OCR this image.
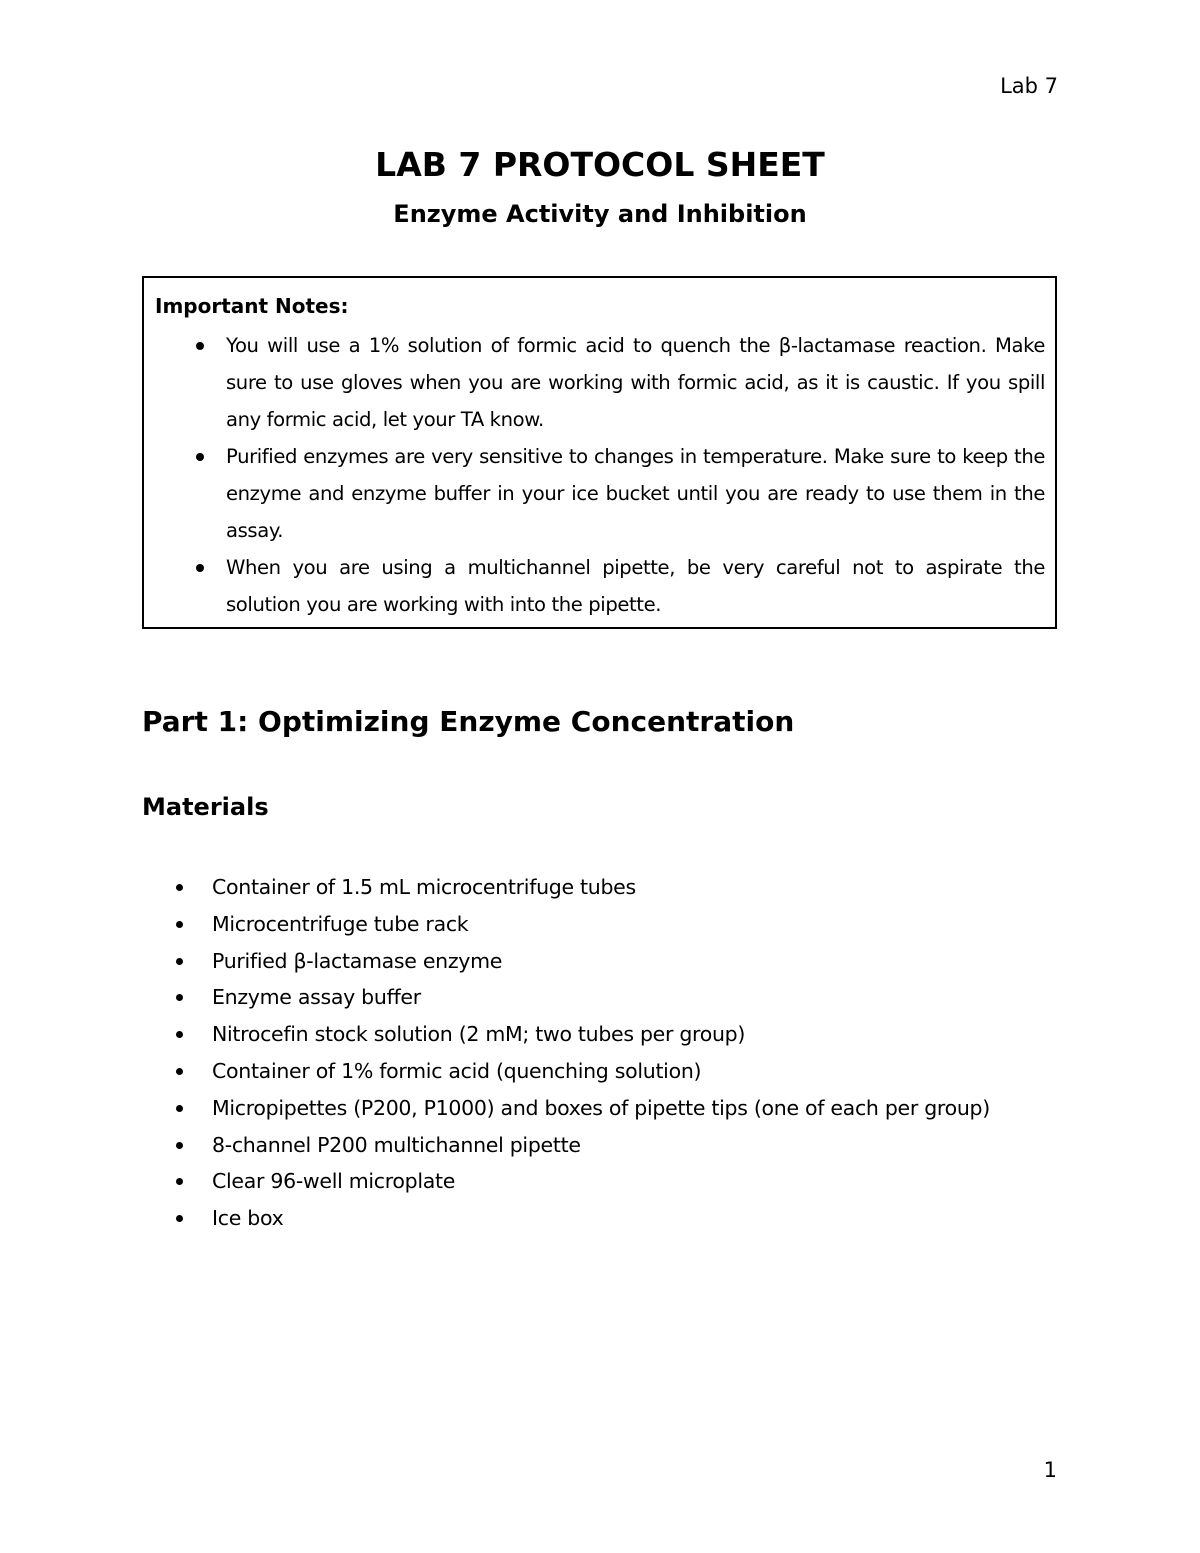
Lab 7
LAB 7 PROTOCOL SHEET
Enzyme Activity and Inhibition

Important Notes:

You will use a 1% solution of formic acid to quench the β-lactamase reaction. Make sure to use gloves when you are working with formic acid, as it is caustic. If you spill any formic acid, let your TA know.
Purified enzymes are very sensitive to changes in temperature. Make sure to keep the enzyme and enzyme buffer in your ice bucket until you are ready to use them in the assay.
When you are using a multichannel pipette, be very careful not to aspirate the solution you are working with into the pipette.
Part 1: Optimizing Enzyme Concentration
Materials
Container of 1.5 mL microcentrifuge tubes
Microcentrifuge tube rack
Purified β-lactamase enzyme
Enzyme assay buffer
Nitrocefin stock solution (2 mM; two tubes per group)
Container of 1% formic acid (quenching solution)
Micropipettes (P200, P1000) and boxes of pipette tips (one of each per group)
8-channel P200 multichannel pipette
Clear 96-well microplate
Ice box
1
